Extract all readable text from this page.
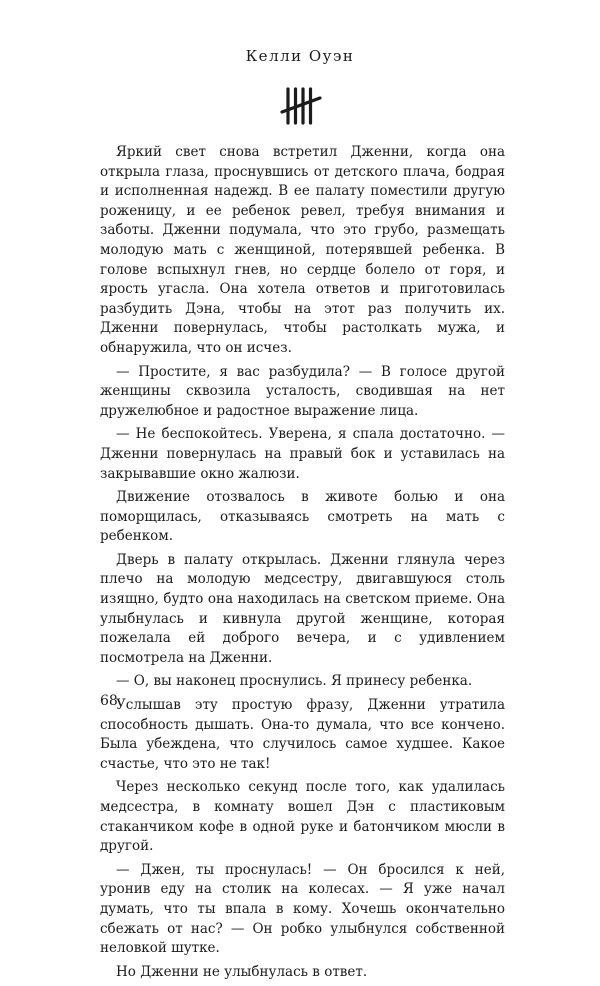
Келли Оуэн

Яркий свет снова встретил Дженни, когда она открыла глаза, проснувшись от детского плача, бодрая и исполненная надежд. В ее палату поместили другую роженицу, и ее ребенок ревел, требуя внимания и заботы. Дженни подумала, что это грубо, размещать молодую мать с женщиной, потерявшей ребенка. В голове вспыхнул гнев, но сердце болело от горя, и ярость угасла. Она хотела ответов и приготовилась разбудить Дэна, чтобы на этот раз получить их. Дженни повернулась, чтобы растолкать мужа, и обнаружила, что он исчез.

— Простите, я вас разбудила? — В голосе другой женщины сквозила усталость, сводившая на нет дружелюбное и радостное выражение лица.

— Не беспокойтесь. Уверена, я спала достаточно. — Дженни повернулась на правый бок и уставилась на закрывавшие окно жалюзи.

Движение отозвалось в животе болью и она поморщилась, отказываясь смотреть на мать с ребенком.

Дверь в палату открылась. Дженни глянула через плечо на молодую медсестру, двигавшуюся столь изящно, будто она находилась на светском приеме. Она улыбнулась и кивнула другой женщине, которая пожелала ей доброго вечера, и с удивлением посмотрела на Дженни.

— О, вы наконец проснулись. Я принесу ребенка.

Услышав эту простую фразу, Дженни утратила способность дышать. Она-то думала, что все кончено. Была убеждена, что случилось самое худшее. Какое счастье, что это не так!

Через несколько секунд после того, как удалилась медсестра, в комнату вошел Дэн с пластиковым стаканчиком кофе в одной руке и батончиком мюсли в другой.

— Джен, ты проснулась! — Он бросился к ней, уронив еду на столик на колесах. — Я уже начал думать, что ты впала в кому. Хочешь окончательно сбежать от нас? — Он робко улыбнулся собственной неловкой шутке.

Но Дженни не улыбнулась в ответ.

68
